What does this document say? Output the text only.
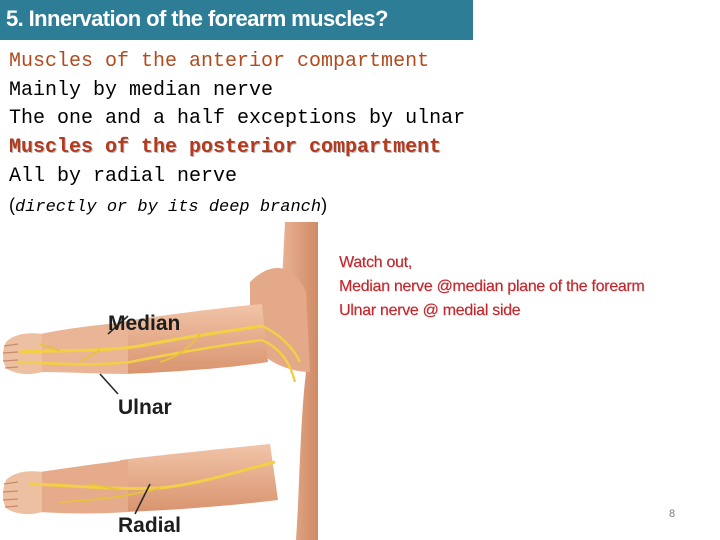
5. Innervation of the forearm muscles?
Muscles of the anterior compartment
Mainly by median nerve
The one and a half exceptions by ulnar
Muscles of the posterior compartment
All by radial nerve
(directly or by its deep branch)
Median
Ulnar
Radial
Watch out,
Median nerve @median plane of the forearm
Ulnar nerve @ medial side
8
